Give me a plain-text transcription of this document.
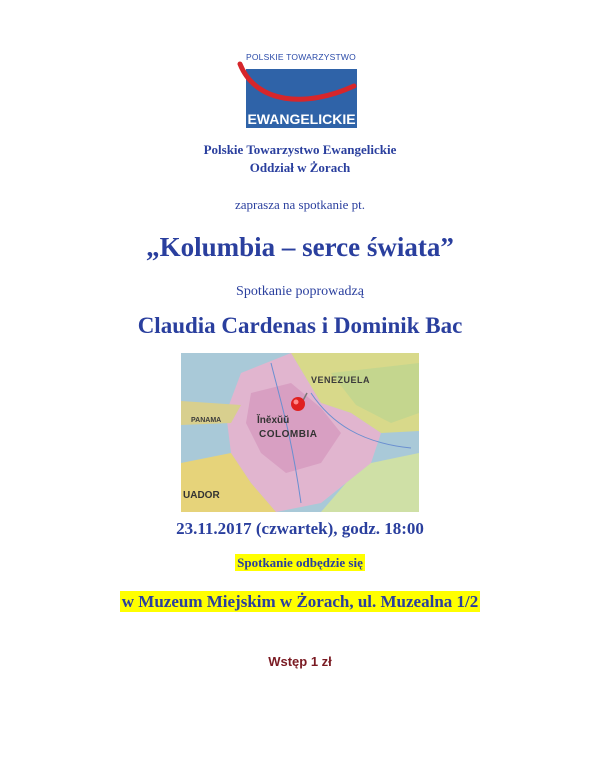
POLSKIE TOWARZYSTWO
EWANGELICKIE
Polskie Towarzystwo Ewangelickie
Oddział w Żorach
zaprasza na spotkanie pt.
„Kolumbia – serce świata”
Spotkanie poprowadzą
Claudia Cardenas i Dominik Bac
VENEZUELA
PANAMA	Ĭnĕxŭŭ
COLOMBIA
UADOR
23.11.2017 (czwartek), godz. 18:00
Spotkanie odbędzie się
w Muzeum Miejskim w Żorach, ul. Muzealna 1/2
Wstęp 1 zł
